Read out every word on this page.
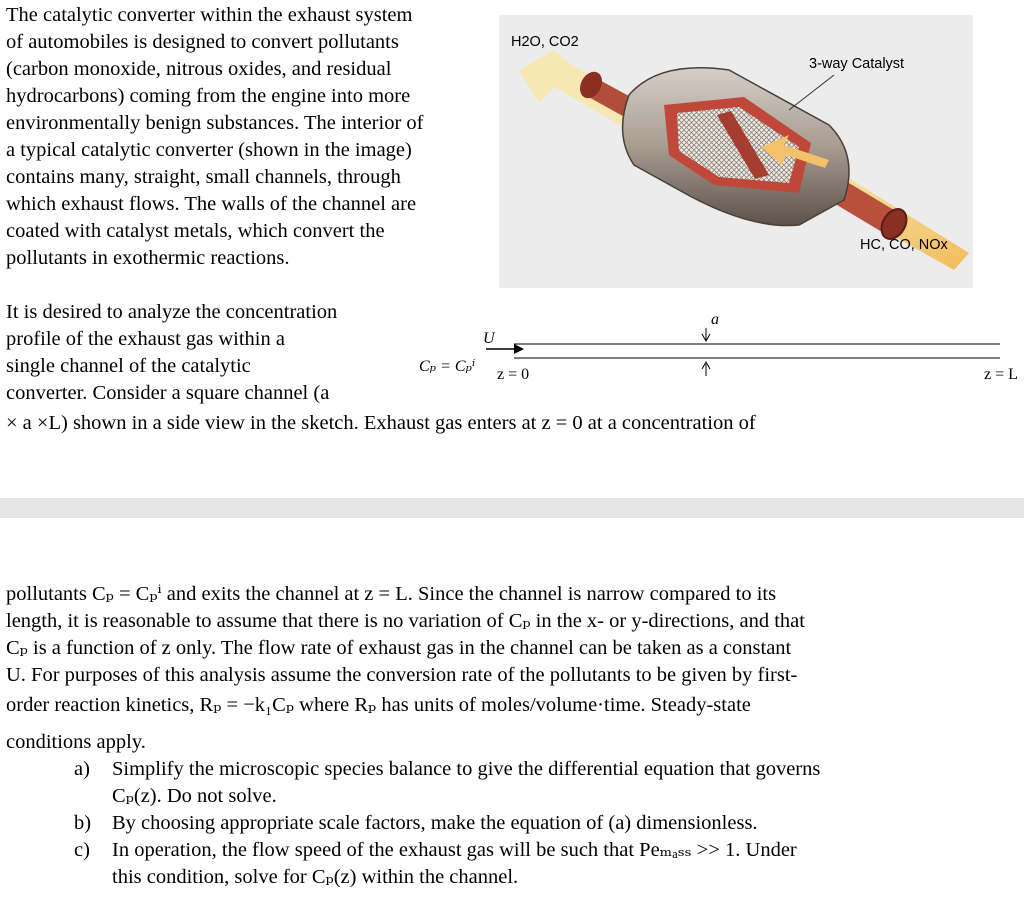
The catalytic converter within the exhaust system
of automobiles is designed to convert pollutants
(carbon monoxide, nitrous oxides, and residual
hydrocarbons) coming from the engine into more
environmentally benign substances. The interior of
a typical catalytic converter (shown in the image)
contains many, straight, small channels, through
which exhaust flows. The walls of the channel are
coated with catalyst metals, which convert the
pollutants in exothermic reactions.
H2O, CO2
3-way Catalyst
HC, CO, NOx
It is desired to analyze the concentration
profile of the exhaust gas within a
single channel of the catalytic
converter. Consider a square channel (a
× a ×L) shown in a side view in the sketch. Exhaust gas enters at z = 0 at a concentration of
U
Cₚ = Cₚⁱ z = 0
a
z = L
pollutants Cₚ = Cₚⁱ and exits the channel at z = L. Since the channel is narrow compared to its
length, it is reasonable to assume that there is no variation of Cₚ in the x- or y-directions, and that
Cₚ is a function of z only. The flow rate of exhaust gas in the channel can be taken as a constant
U. For purposes of this analysis assume the conversion rate of the pollutants to be given by first-
order reaction kinetics, Rₚ = −k₁Cₚ where Rₚ has units of moles/volume·time. Steady-state
conditions apply.
a) Simplify the microscopic species balance to give the differential equation that governs
Cₚ(z). Do not solve.
b) By choosing appropriate scale factors, make the equation of (a) dimensionless.
c) In operation, the flow speed of the exhaust gas will be such that Peₘₐₛₛ >> 1. Under
this condition, solve for Cₚ(z) within the channel.
